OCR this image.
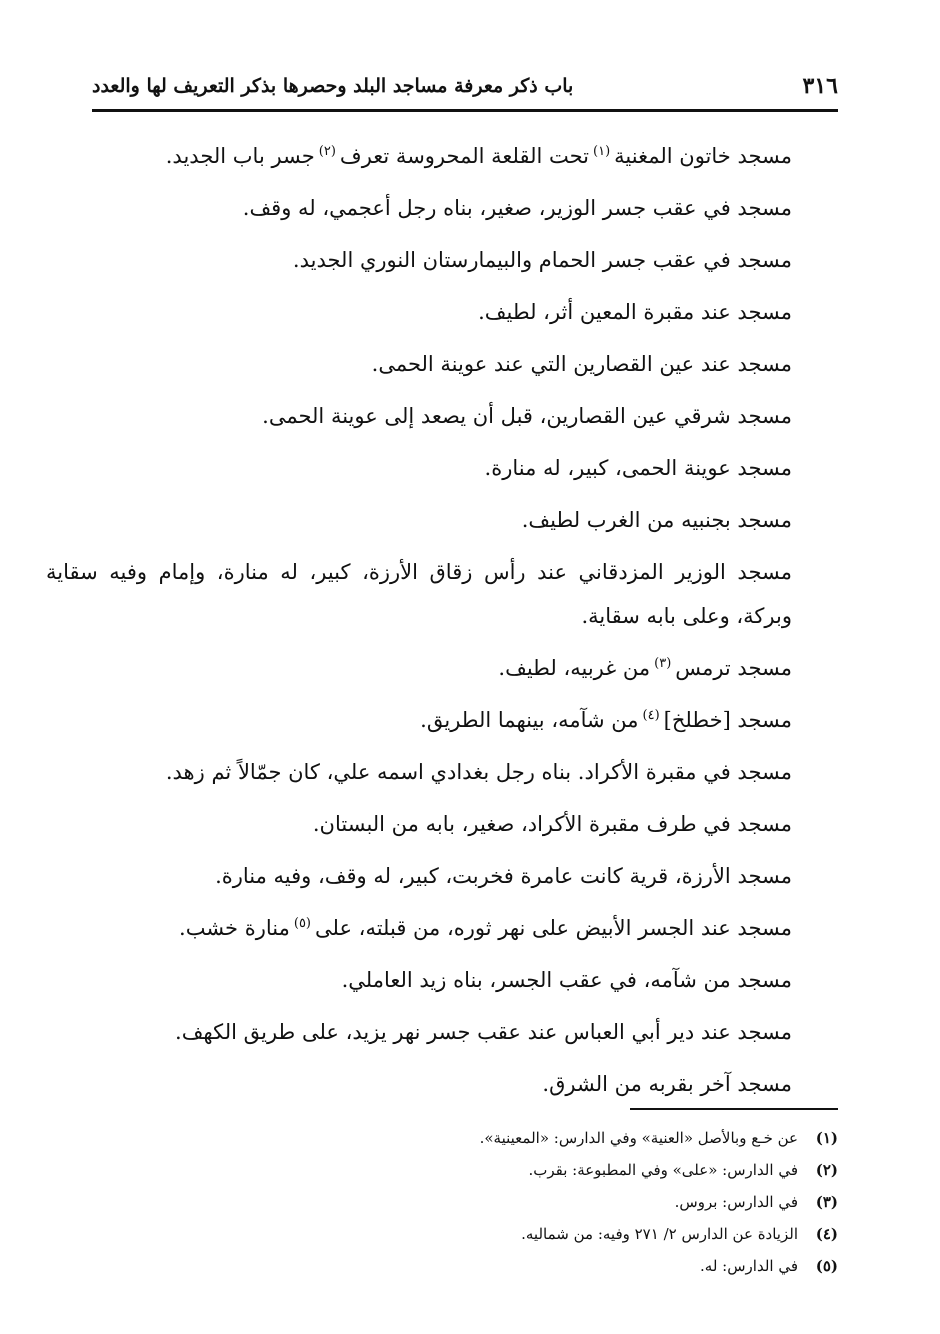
٣١٦
باب ذكر معرفة مساجد البلد وحصرها بذكر التعريف لها والعدد

مسجد خاتون المغنية$^{(١)}$تحت القلعة المحروسة تعرف$^{(٢)}$جسر باب الجديد.

مسجد في عقب جسر الوزير، صغير، بناه رجل أعجمي، له وقف.

مسجد في عقب جسر الحمام والبيمارستان النوري الجديد.

مسجد عند مقبرة المعين أثر، لطيف.

مسجد عند عين القصارين التي عند عوينة الحمى.

مسجد شرقي عين القصارين، قبل أن يصعد إلى عوينة الحمى.

مسجد عوينة الحمى، كبير، له منارة.

مسجد بجنبيه من الغرب لطيف.

مسجد الوزير المزدقاني عند رأس زقاق الأرزة، كبير، له منارة، وإمام وفيه سقاية وبركة، وعلى بابه سقاية.

مسجد ترمس$^{(٣)}$من غربيه، لطيف.

مسجد [خطلخ]$^{(٤)}$من شآمه، بينهما الطريق.

مسجد في مقبرة الأكراد. بناه رجل بغدادي اسمه علي، كان جمّالاً ثم زهد.

مسجد في طرف مقبرة الأكراد، صغير، بابه من البستان.

مسجد الأرزة، قرية كانت عامرة فخربت، كبير، له وقف، وفيه منارة.

مسجد عند الجسر الأبيض على نهر ثوره، من قبلته، على$^{(٥)}$منارة خشب.

مسجد من شآمه، في عقب الجسر، بناه زيد العاملي.

مسجد عند دير أبي العباس عند عقب جسر نهر يزيد، على طريق الكهف.

مسجد آخر بقربه من الشرق.

(١)عن خـع وبالأصل «العنية» وفي الدارس: «المعينية».
(٢)في الدارس: «على» وفي المطبوعة: بقرب.
(٣)في الدارس: بروس.
(٤)الزيادة عن الدارس ٢/ ٢٧١ وفيه: من شماليه.
(٥)في الدارس: له.
